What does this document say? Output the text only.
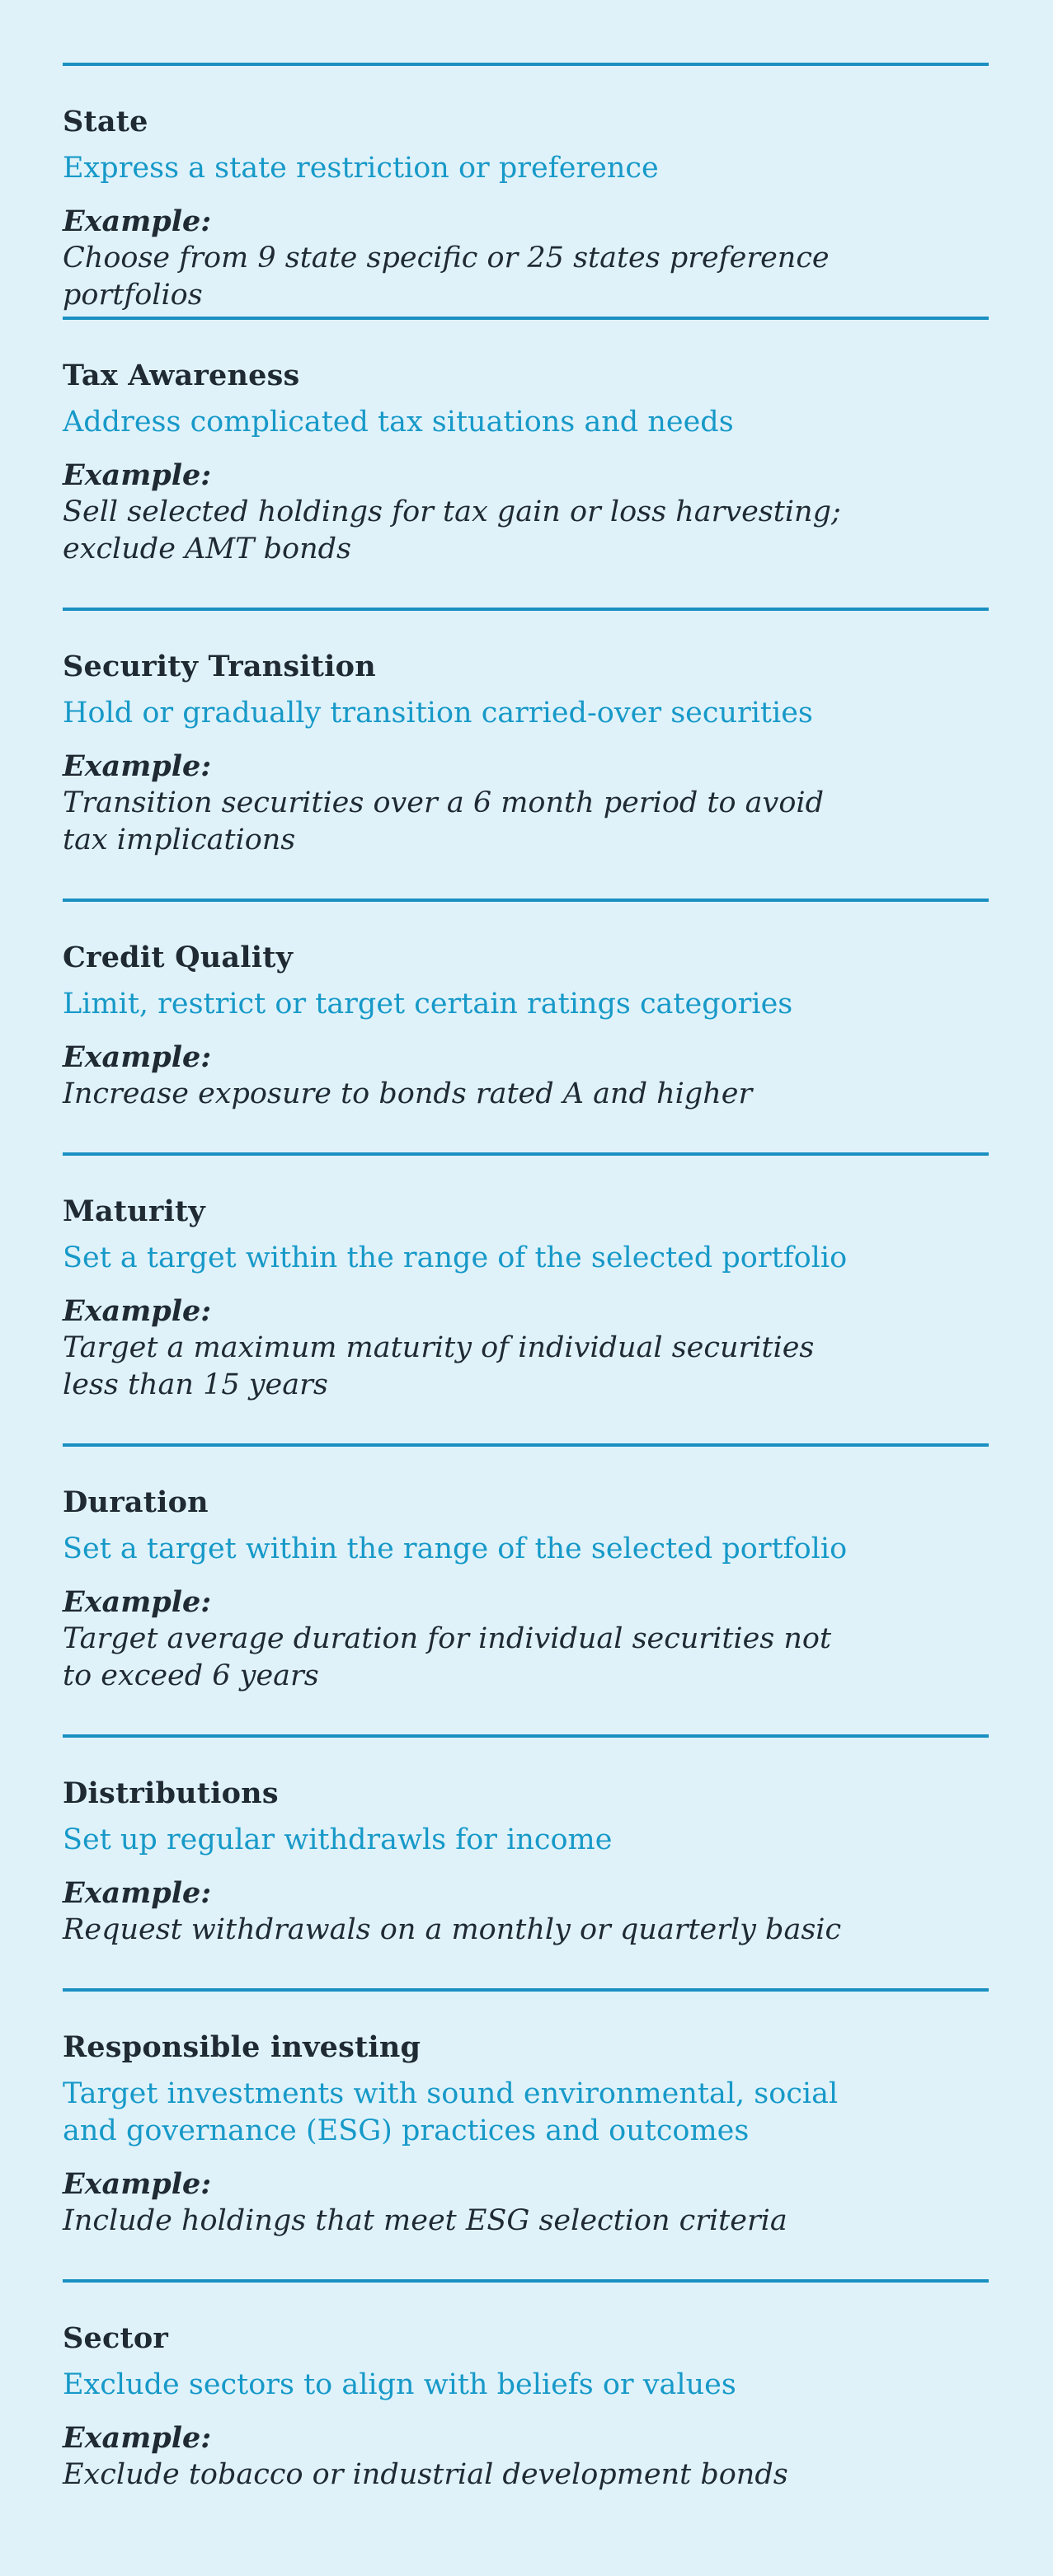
State
Express a state restriction or preference
Example:
Choose from 9 state specific or 25 states preference portfolios
Tax Awareness
Address complicated tax situations and needs
Example:
Sell selected holdings for tax gain or loss harvesting; exclude AMT bonds
Security Transition
Hold or gradually transition carried-over securities
Example:
Transition securities over a 6 month period to avoid tax implications
Credit Quality
Limit, restrict or target certain ratings categories
Example:
Increase exposure to bonds rated A and higher
Maturity
Set a target within the range of the selected portfolio
Example:
Target a maximum maturity of individual securities less than 15 years
Duration
Set a target within the range of the selected portfolio
Example:
Target average duration for individual securities not to exceed 6 years
Distributions
Set up regular withdrawls for income
Example:
Request withdrawals on a monthly or quarterly basic
Responsible investing
Target investments with sound environmental, social and governance (ESG) practices and outcomes
Example:
Include holdings that meet ESG selection criteria
Sector
Exclude sectors to align with beliefs or values
Example:
Exclude tobacco or industrial development bonds
